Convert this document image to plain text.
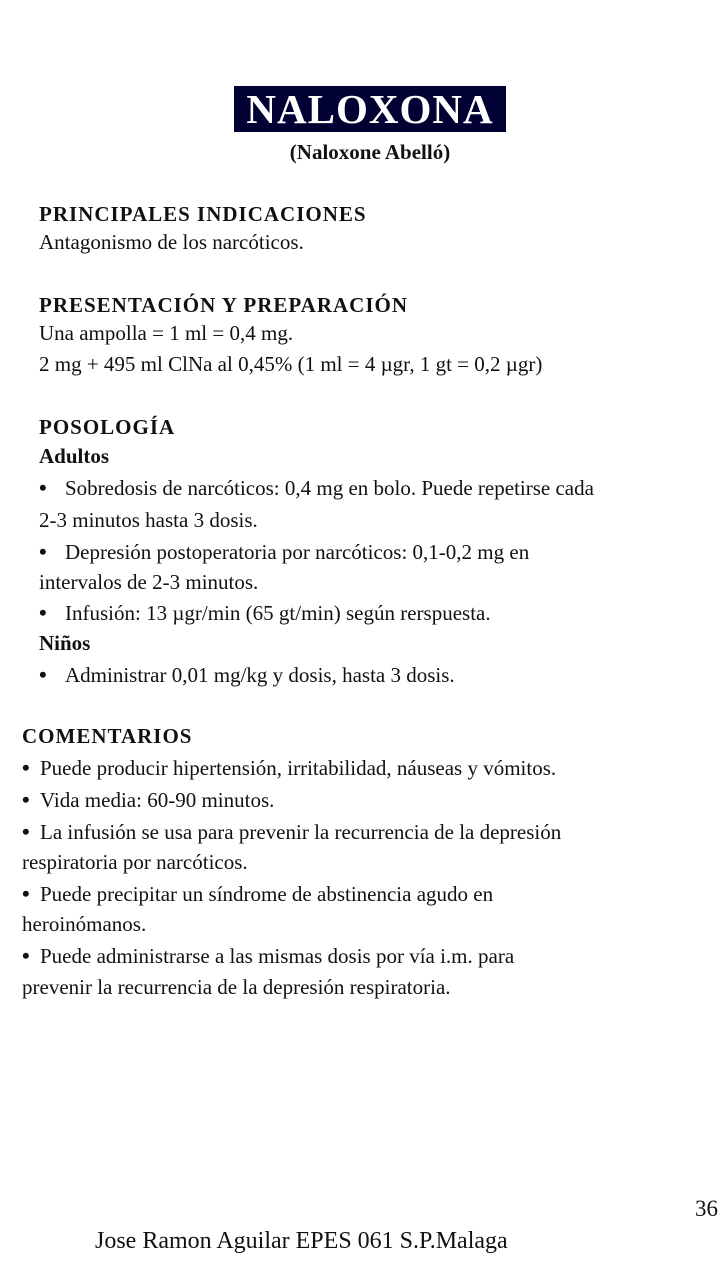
NALOXONA
(Naloxone Abelló)
PRINCIPALES INDICACIONES
Antagonismo de los narcóticos.
PRESENTACIÓN Y PREPARACIÓN
Una ampolla = 1 ml = 0,4 mg.
2 mg + 495 ml ClNa al 0,45% (1 ml = 4 µgr, 1 gt = 0,2 µgr)
POSOLOGÍA
Adultos
• Sobredosis de narcóticos: 0,4 mg en bolo. Puede repetirse cada
2-3 minutos hasta 3 dosis.
• Depresión postoperatoria por narcóticos: 0,1-0,2 mg en
intervalos de 2-3 minutos.
• Infusión: 13 µgr/min (65 gt/min) según rerspuesta.
Niños
• Administrar 0,01 mg/kg y dosis, hasta 3 dosis.
COMENTARIOS
• Puede producir hipertensión, irritabilidad, náuseas y vómitos.
• Vida media: 60-90 minutos.
• La infusión se usa para prevenir la recurrencia de la depresión
respiratoria por narcóticos.
• Puede precipitar un síndrome de abstinencia agudo en
heroinómanos.
• Puede administrarse a las mismas dosis por vía i.m. para
prevenir la recurrencia de la depresión respiratoria.
36
Jose Ramon Aguilar EPES 061 S.P.Malaga
